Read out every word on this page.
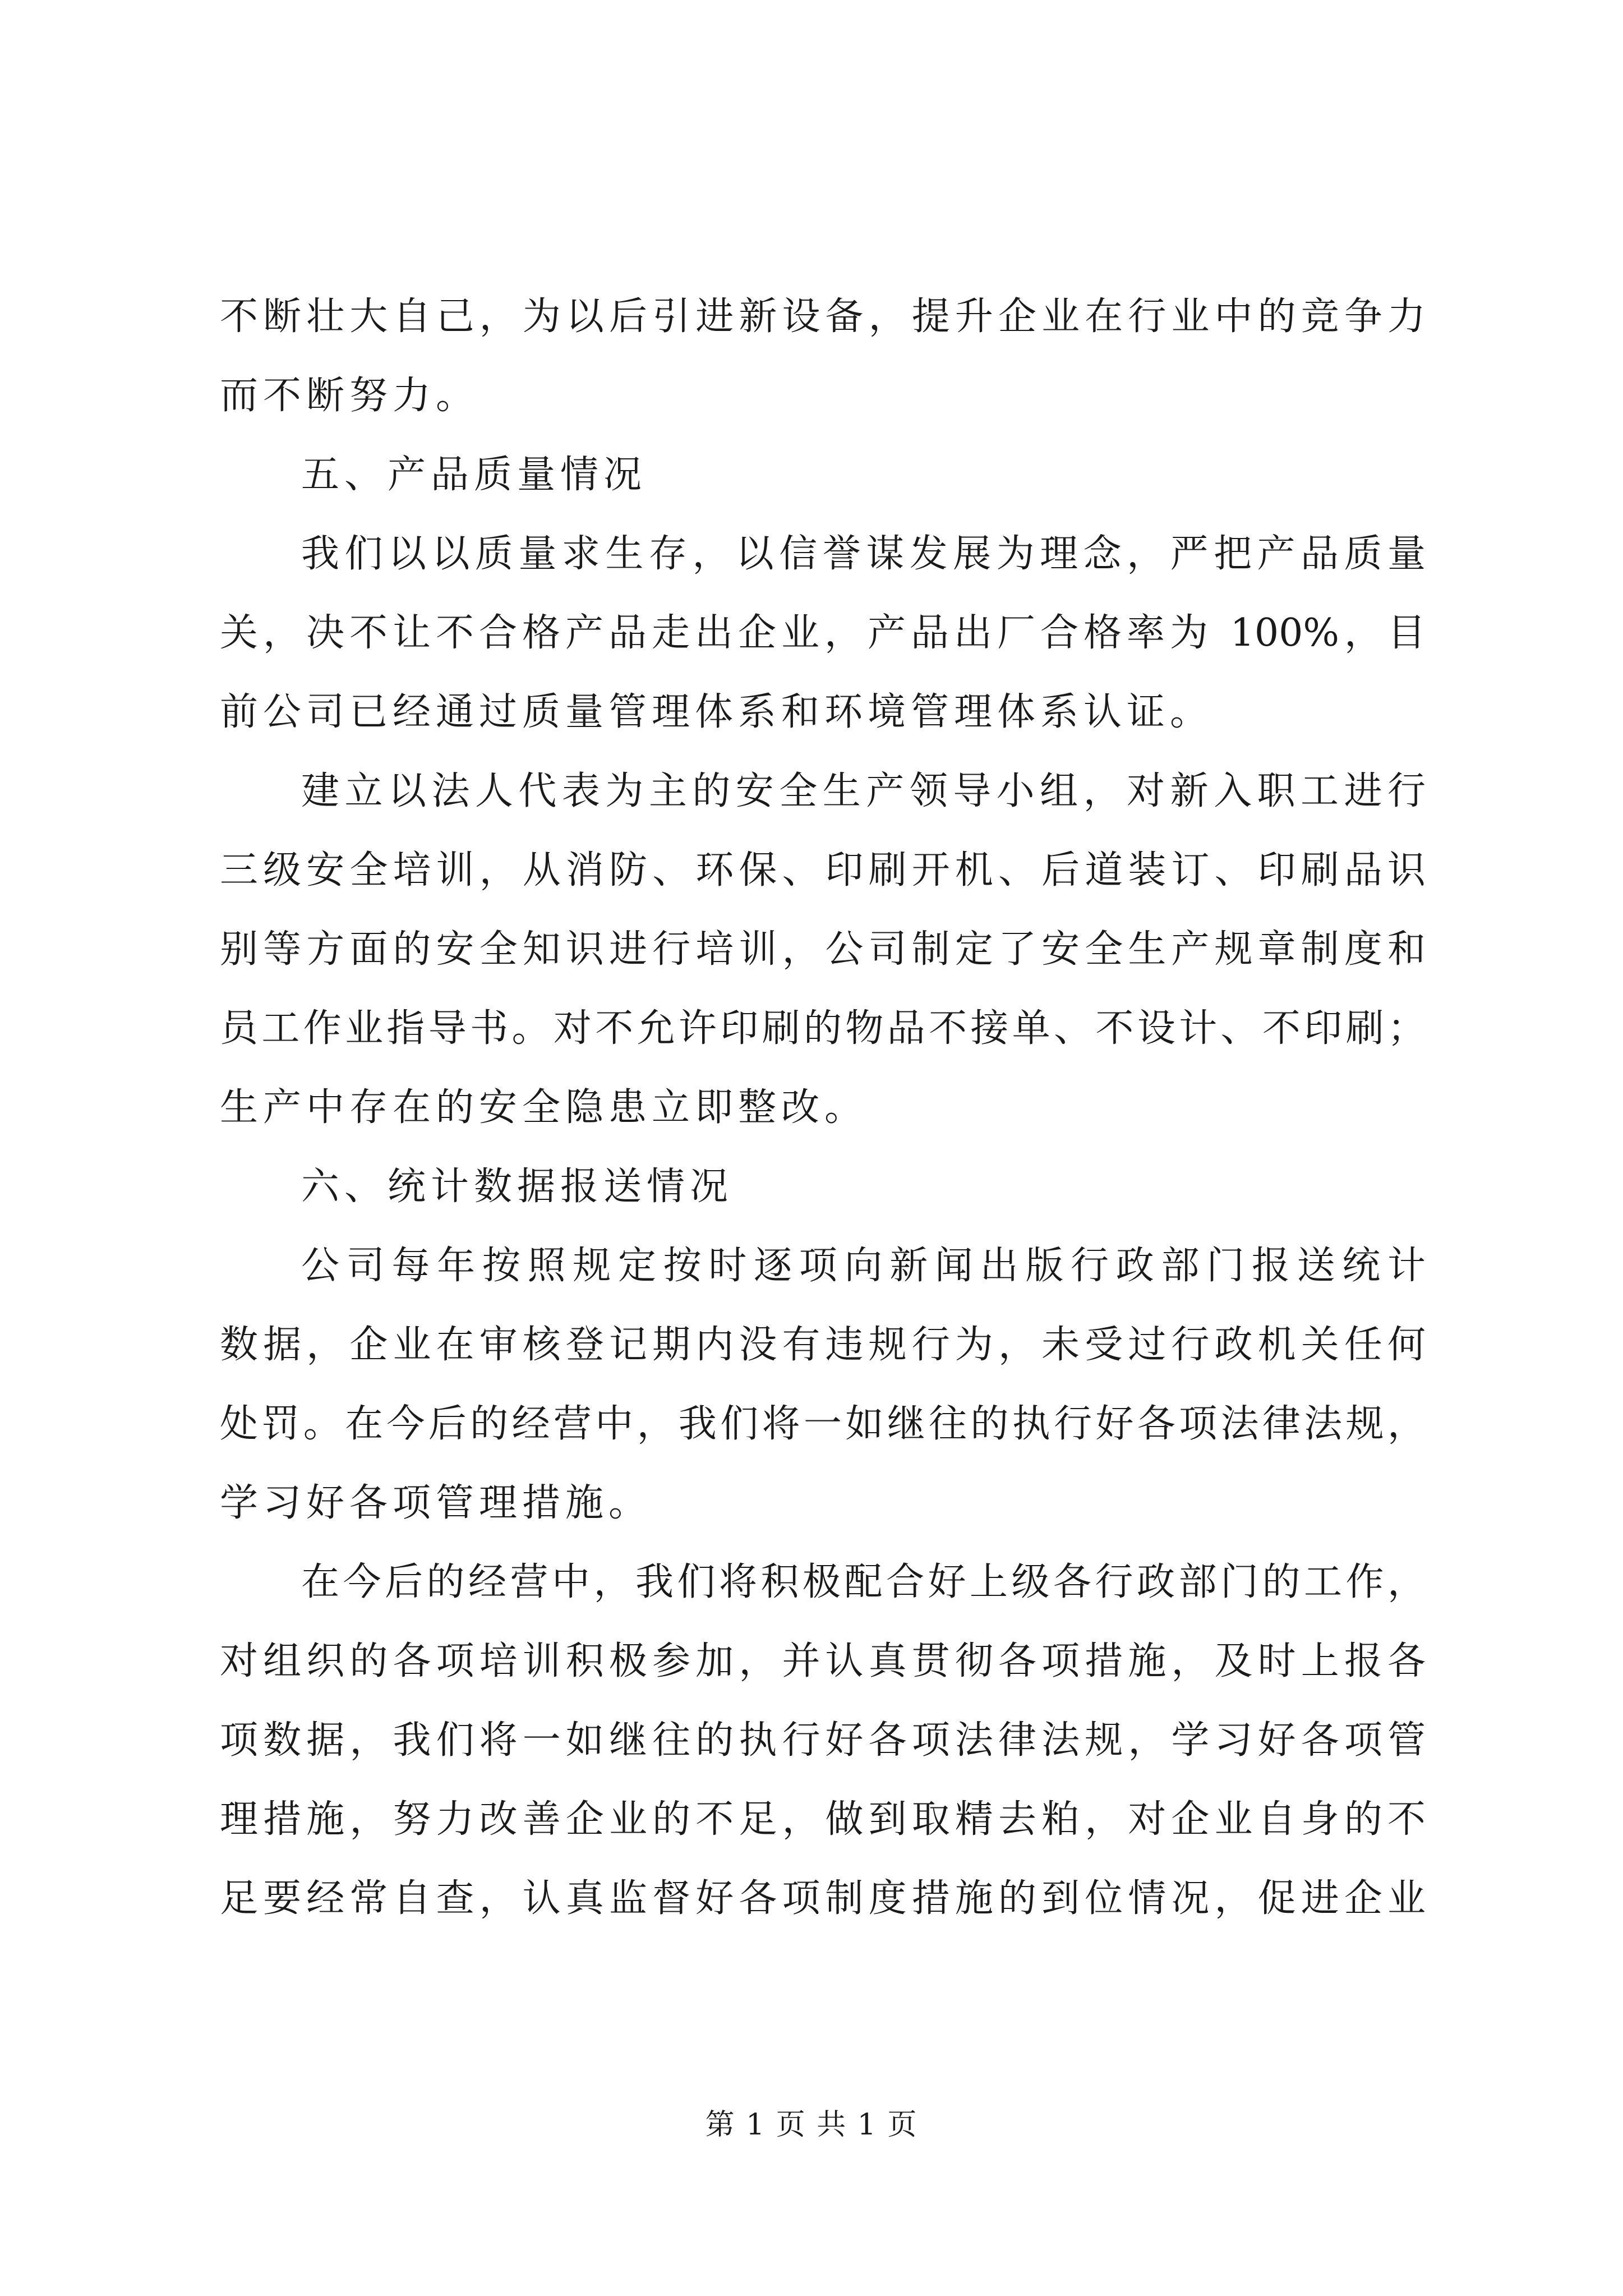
不断壮大自己，为以后引进新设备，提升企业在行业中的竞争力
而不断努力。
五、产品质量情况
我们以以质量求生存，以信誉谋发展为理念，严把产品质量
关，决不让不合格产品走出企业，产品出厂合格率为 100%，目
前公司已经通过质量管理体系和环境管理体系认证。
建立以法人代表为主的安全生产领导小组，对新入职工进行
三级安全培训，从消防、环保、印刷开机、后道装订、印刷品识
别等方面的安全知识进行培训，公司制定了安全生产规章制度和
员工作业指导书。对不允许印刷的物品不接单、不设计、不印刷；
生产中存在的安全隐患立即整改。
六、统计数据报送情况
公司每年按照规定按时逐项向新闻出版行政部门报送统计
数据，企业在审核登记期内没有违规行为，未受过行政机关任何
处罚。在今后的经营中，我们将一如继往的执行好各项法律法规，
学习好各项管理措施。
在今后的经营中，我们将积极配合好上级各行政部门的工作，
对组织的各项培训积极参加，并认真贯彻各项措施，及时上报各
项数据，我们将一如继往的执行好各项法律法规，学习好各项管
理措施，努力改善企业的不足，做到取精去粕，对企业自身的不
足要经常自查，认真监督好各项制度措施的到位情况，促进企业
第 1 页 共 1 页
